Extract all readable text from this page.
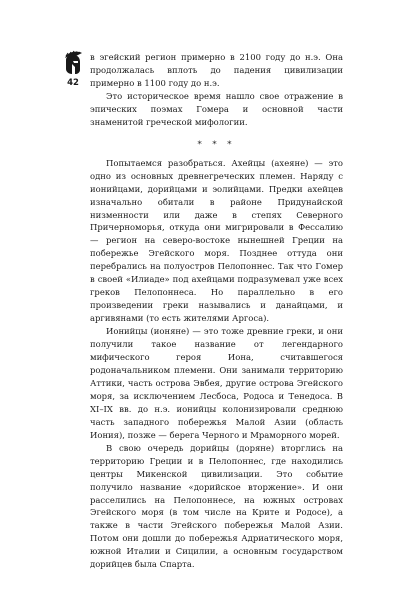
42

в эгейский регион примерно в 2100 году до н.э. Она продолжалась вплоть до падения цивилизации примерно в 1100 году до н.э.

Это историческое время нашло свое отражение в эпических поэмах Гомера и основной части знаменитой греческой мифологии.

* * *

Попытаемся разобраться. Ахейцы (ахеяне) — это одно из основных древнегреческих племен. Наряду с ионийцами, дорийцами и эолийцами. Предки ахейцев изначально обитали в районе Придунайской низменности или даже в степях Северного Причерноморья, откуда они мигрировали в Фессалию — регион на северо-востоке нынешней Греции на побережье Эгейского моря. Позднее оттуда они перебрались на полуостров Пелопоннес. Так что Гомер в своей «Илиаде» под ахейцами подразумевал уже всех греков Пелопоннеса. Но параллельно в его произведении греки назывались и данайцами, и аргивянами (то есть жителями Аргоса).

Ионийцы (ионяне) — это тоже древние греки, и они получили такое название от легендарного мифического героя Иона, считавшегося родоначальником племени. Они занимали территорию Аттики, часть острова Эвбея, другие острова Эгейского моря, за исключением Лесбоса, Родоса и Тенедоса. В XI–IX вв. до н.э. ионийцы колонизировали среднюю часть западного побережья Малой Азии (область Иония), позже — берега Черного и Мраморного морей.

В свою очередь дорийцы (доряне) вторглись на территорию Греции и в Пелопоннес, где находились центры Микенской цивилизации. Это событие получило название «дорийское вторжение». И они расселились на Пелопоннесе, на южных островах Эгейского моря (в том числе на Крите и Родосе), а также в части Эгейского побережья Малой Азии. Потом они дошли до побережья Адриатического моря, южной Италии и Сицилии, а основным государством дорийцев была Спарта.
